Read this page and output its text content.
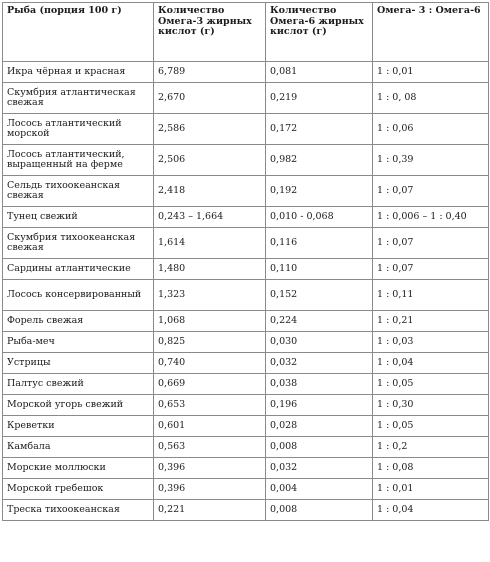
Рыба (порция 100 г)	Количество Омега-3 жирных кислот (г)	Количество Омега-6 жирных кислот (г)	Омега- 3 : Омега-6
Икра чёрная и красная	6,789	0,081	1 : 0,01
Скумбрия атлантическая свежая	2,670	0,219	1 : 0, 08
Лосось атлантический морской	2,586	0,172	1 : 0,06
Лосось атлантический, выращенный на ферме	2,506	0,982	1 : 0,39
Сельдь тихоокеанская свежая	2,418	0,192	1 : 0,07
Тунец свежий	0,243 – 1,664	0,010 - 0,068	1 : 0,006 – 1 : 0,40
Скумбрия тихоокеанская свежая	1,614	0,116	1 : 0,07
Сардины атлантические	1,480	0,110	1 : 0,07
Лосось консервированный	1,323	0,152	1 : 0,11
Форель свежая	1,068	0,224	1 : 0,21
Рыба-меч	0,825	0,030	1 : 0,03
Устрицы	0,740	0,032	1 : 0,04
Палтус свежий	0,669	0,038	1 : 0,05
Морской угорь свежий	0,653	0,196	1 : 0,30
Креветки	0,601	0,028	1 : 0,05
Камбала	0,563	0,008	1 : 0,2
Морские моллюски	0,396	0,032	1 : 0,08
Морской гребешок	0,396	0,004	1 : 0,01
Треска тихоокеанская	0,221	0,008	1 : 0,04
